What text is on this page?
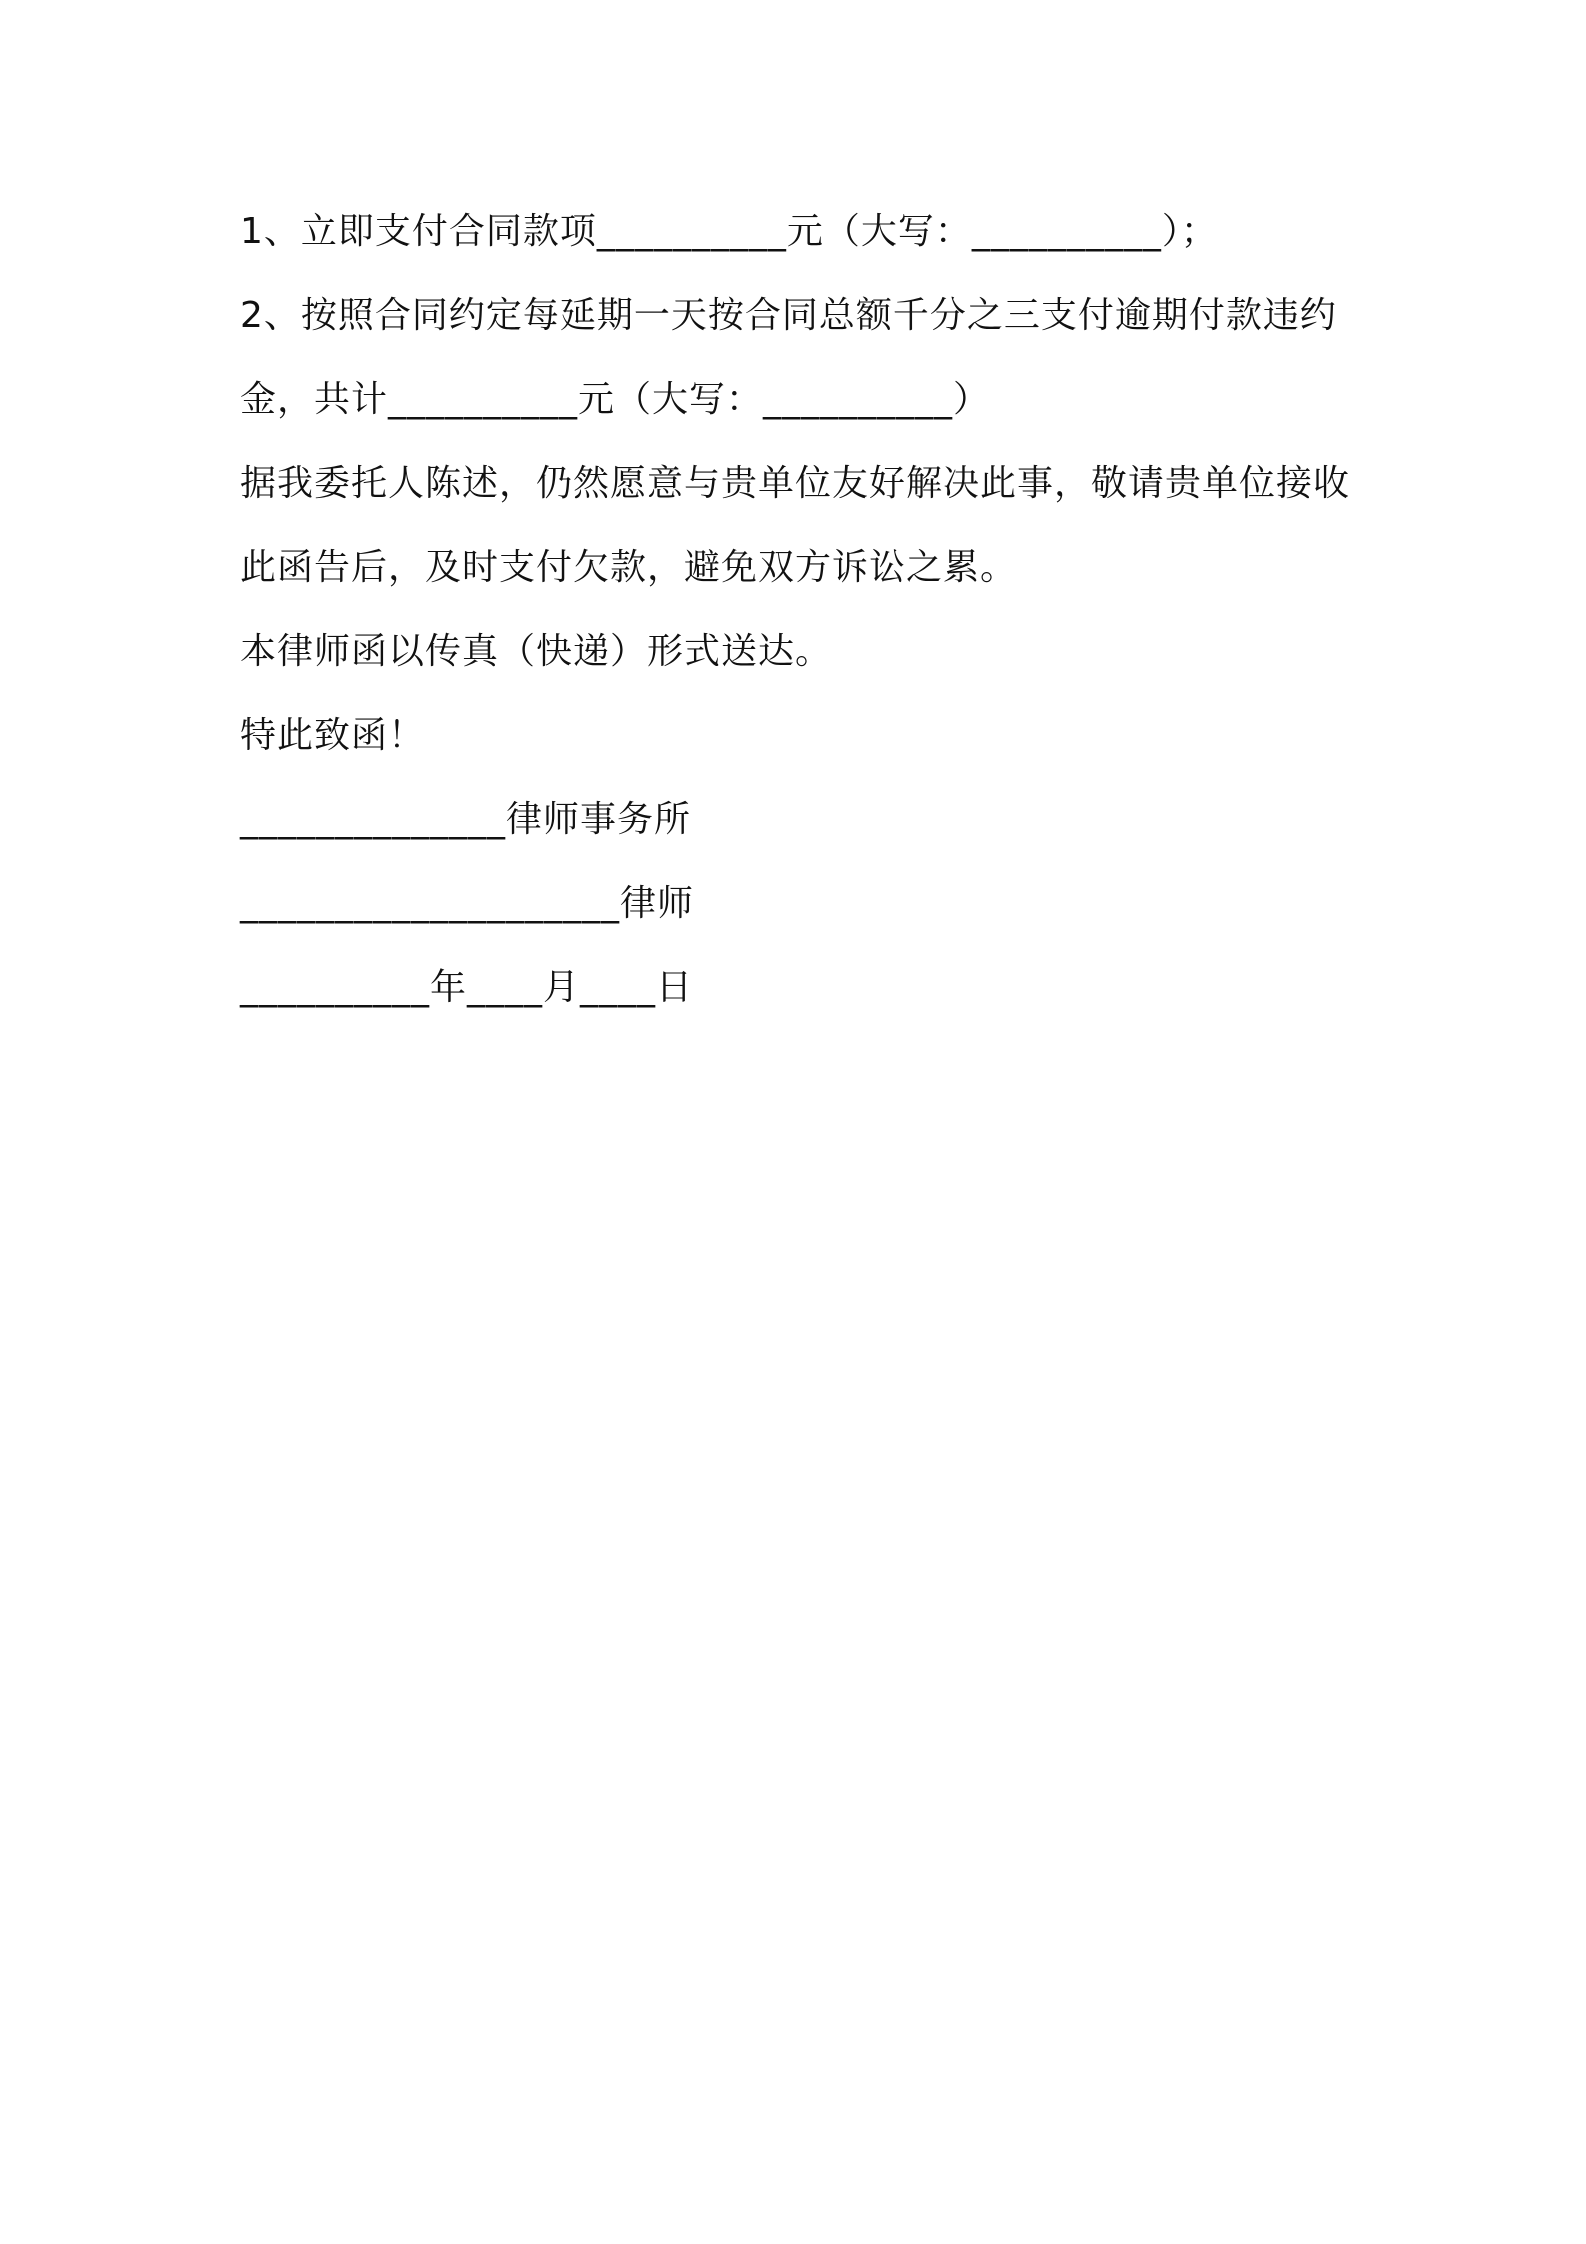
1、立即支付合同款项__________元（大写：__________）；
2、按照合同约定每延期一天按合同总额千分之三支付逾期付款违约
金，共计__________元（大写：__________）
据我委托人陈述，仍然愿意与贵单位友好解决此事，敬请贵单位接收
此函告后，及时支付欠款，避免双方诉讼之累。
本律师函以传真（快递）形式送达。
特此致函！
______________律师事务所
____________________律师
__________年____月____日
